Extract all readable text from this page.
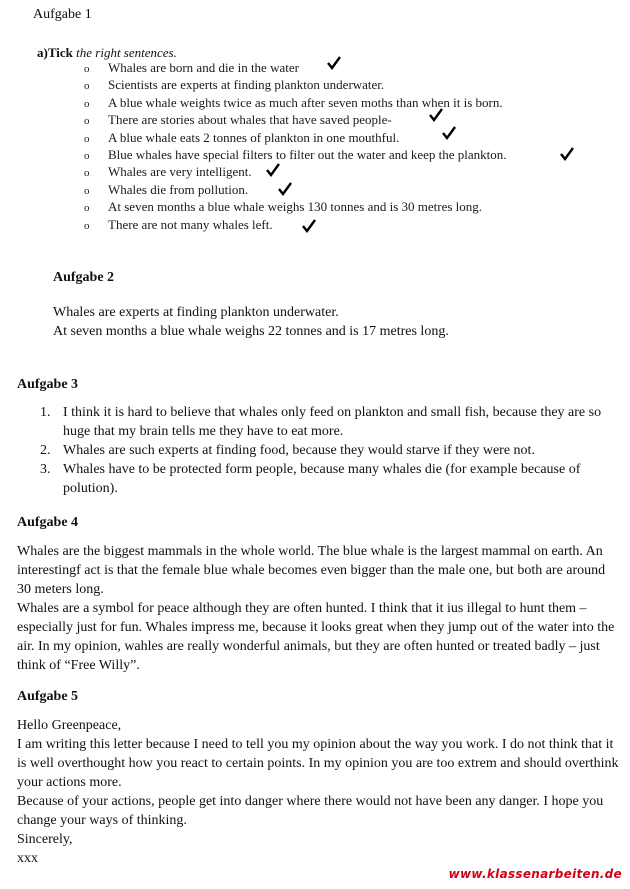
Aufgabe 1
a)Tick the right sentences.
o Whales are born and die in the water
o Scientists are experts at finding plankton underwater.
o A blue whale weights twice as much after seven moths than when it is born.
o There are stories about whales that have saved people-
o A blue whale eats 2 tonnes of plankton in one mouthful.
o Blue whales have special filters to filter out the water and keep the plankton.
o Whales are very intelligent.
o Whales die from pollution.
o At seven months a blue whale weighs 130 tonnes and is 30 metres long.
o There are not many whales left.
Aufgabe 2
Whales are experts at finding plankton underwater.
At seven months a blue whale weighs 22 tonnes and is 17 metres long.
Aufgabe 3
1. I think it is hard to believe that whales only feed on plankton and small fish, because they are so huge that my brain tells me they have to eat more.
2. Whales are such experts at finding food, because they would starve if they were not.
3. Whales have to be protected form people, because many whales die (for example because of polution).
Aufgabe 4
Whales are the biggest mammals in the whole world. The blue whale is the largest mammal on earth. An interestingf act is that the female blue whale becomes even bigger than the male one, but both are around 30 meters long.
Whales are a symbol for peace although they are often hunted. I think that it ius illegal to hunt them – especially just for fun. Whales impress me, because it looks great when they jump out of the water into the air. In my opinion, wahles are really wonderful animals, but they are often hunted or treated badly – just think of “Free Willy”.
Aufgabe 5
Hello Greenpeace,
I am writing this letter because I need to tell you my opinion about the way you work. I do not think that it is well overthought how you react to certain points. In my opinion you are too extrem and should overthink your actions more.
Because of your actions, people get into danger where there would not have been any danger. I hope you change your ways of thinking.
Sincerely,
xxx
www.klassenarbeiten.de
